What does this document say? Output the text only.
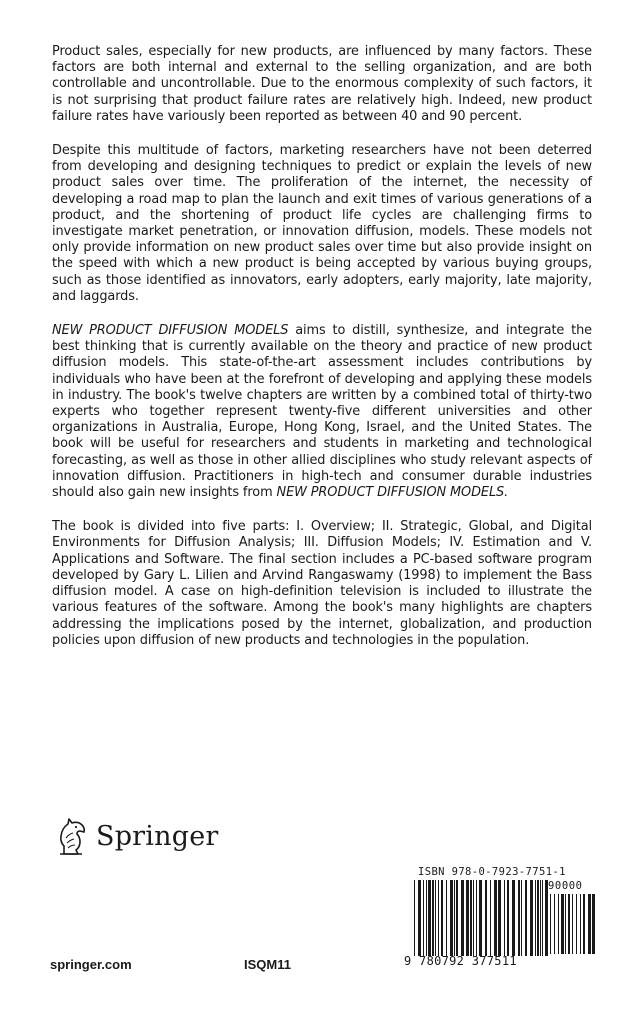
Product sales, especially for new products, are influenced by many factors. These factors are both internal and external to the selling organization, and are both controllable and uncontrollable. Due to the enormous complexity of such factors, it is not surprising that product failure rates are relatively high. Indeed, new product failure rates have variously been reported as between 40 and 90 percent.

Despite this multitude of factors, marketing researchers have not been deterred from developing and designing techniques to predict or explain the levels of new product sales over time. The proliferation of the internet, the necessity of developing a road map to plan the launch and exit times of various generations of a product, and the shortening of product life cycles are challenging firms to investigate market penetration, or innovation diffusion, models. These models not only provide information on new product sales over time but also provide insight on the speed with which a new product is being accepted by various buying groups, such as those identified as innovators, early adopters, early majority, late majority, and laggards.

NEW PRODUCT DIFFUSION MODELS aims to distill, synthesize, and integrate the best thinking that is currently available on the theory and practice of new product diffusion models. This state-of-the-art assessment includes contributions by individuals who have been at the forefront of developing and applying these models in industry. The book's twelve chapters are written by a combined total of thirty-two experts who together represent twenty-five different universities and other organizations in Australia, Europe, Hong Kong, Israel, and the United States. The book will be useful for researchers and students in marketing and technological forecasting, as well as those in other allied disciplines who study relevant aspects of innovation diffusion. Practitioners in high-tech and consumer durable industries should also gain new insights from NEW PRODUCT DIFFUSION MODELS.

The book is divided into five parts: I. Overview; II. Strategic, Global, and Digital Environments for Diffusion Analysis; III. Diffusion Models; IV. Estimation and V. Applications and Software. The final section includes a PC-based software program developed by Gary L. Lilien and Arvind Rangaswamy (1998) to implement the Bass diffusion model. A case on high-definition television is included to illustrate the various features of the software. Among the book's many highlights are chapters addressing the implications posed by the internet, globalization, and production policies upon diffusion of new products and technologies in the population.

Springer
springer.com	ISQM11
ISBN 978-0-7923-7751-1
90000
9 780792 377511
